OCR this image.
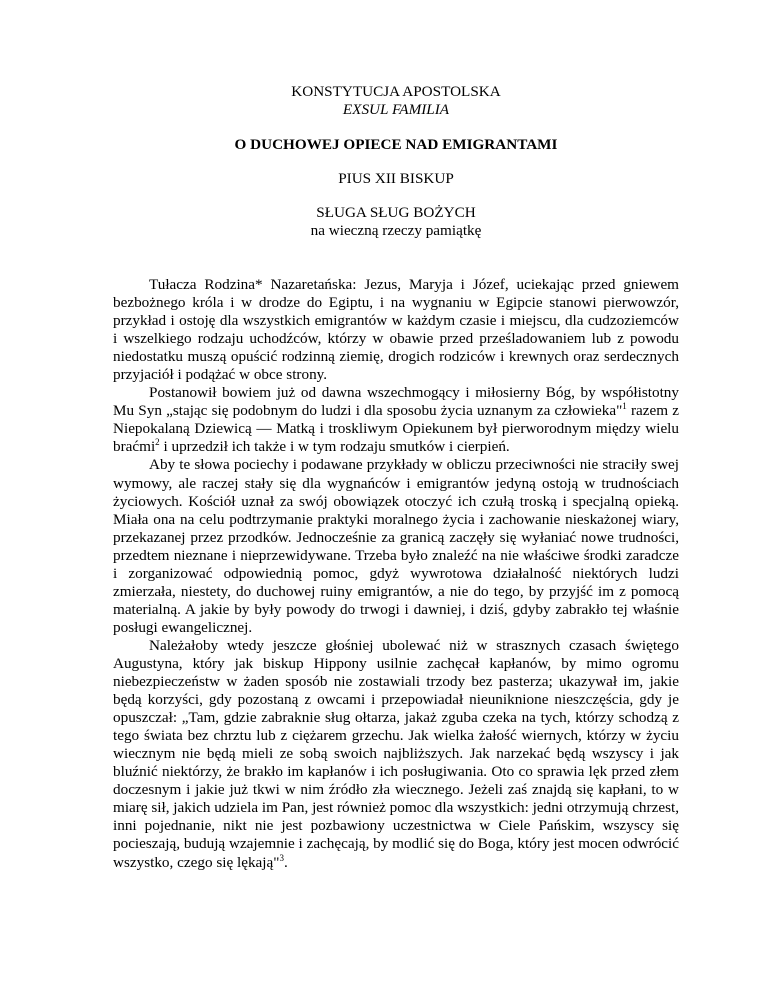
KONSTYTUCJA APOSTOLSKA

EXSUL FAMILIA

O DUCHOWEJ OPIECE NAD EMIGRANTAMI

PIUS XII BISKUP

SŁUGA SŁUG BOŻYCH

na wieczną rzeczy pamiątkę

Tułacza Rodzina* Nazaretańska: Jezus, Maryja i Józef, uciekając przed gniewem bezbożnego króla i w drodze do Egiptu, i na wygnaniu w Egipcie stanowi pierwowzór, przykład i ostoję dla wszystkich emigrantów w każdym czasie i miejscu, dla cudzoziemców i wszelkiego rodzaju uchodźców, którzy w obawie przed prześladowaniem lub z powodu niedostatku muszą opuścić rodzinną ziemię, drogich rodziców i krewnych oraz serdecznych przyjaciół i podążać w obce strony.

Postanowił bowiem już od dawna wszechmogący i miłosierny Bóg, by współistotny Mu Syn „stając się podobnym do ludzi i dla sposobu życia uznanym za człowieka"$^1$ razem z Niepokalaną Dziewicą — Matką i troskliwym Opiekunem był pierworodnym między wielu braćmi$^2$ i uprzedził ich także i w tym rodzaju smutków i cierpień.

Aby te słowa pociechy i podawane przykłady w obliczu przeciwności nie straciły swej wymowy, ale raczej stały się dla wygnańców i emigrantów jedyną ostoją w trudnościach życiowych. Kościół uznał za swój obowiązek otoczyć ich czułą troską i specjalną opieką. Miała ona na celu podtrzymanie praktyki moralnego życia i zachowanie nieskażonej wiary, przekazanej przez przodków. Jednocześnie za granicą zaczęły się wyłaniać nowe trudności, przedtem nieznane i nieprzewidywane. Trzeba było znaleźć na nie właściwe środki zaradcze i zorganizować odpowiednią pomoc, gdyż wywrotowa działalność niektórych ludzi zmierzała, niestety, do duchowej ruiny emigrantów, a nie do tego, by przyjść im z pomocą materialną. A jakie by były powody do trwogi i dawniej, i dziś, gdyby zabrakło tej właśnie posługi ewangelicznej.

Należałoby wtedy jeszcze głośniej ubolewać niż w strasznych czasach świętego Augustyna, który jak biskup Hippony usilnie zachęcał kapłanów, by mimo ogromu niebezpieczeństw w żaden sposób nie zostawiali trzody bez pasterza; ukazywał im, jakie będą korzyści, gdy pozostaną z owcami i przepowiadał nieuniknione nieszczęścia, gdy je opuszczał: „Tam, gdzie zabraknie sług ołtarza, jakaż zguba czeka na tych, którzy schodzą z tego świata bez chrztu lub z ciężarem grzechu. Jak wielka żałość wiernych, którzy w życiu wiecznym nie będą mieli ze sobą swoich najbliższych. Jak narzekać będą wszyscy i jak bluźnić niektórzy, że brakło im kapłanów i ich posługiwania. Oto co sprawia lęk przed złem doczesnym i jakie już tkwi w nim źródło zła wiecznego. Jeżeli zaś znajdą się kapłani, to w miarę sił, jakich udziela im Pan, jest również pomoc dla wszystkich: jedni otrzymują chrzest, inni pojednanie, nikt nie jest pozbawiony uczestnictwa w Ciele Pańskim, wszyscy się pocieszają, budują wzajemnie i zachęcają, by modlić się do Boga, który jest mocen odwrócić wszystko, czego się lękają"$^3$.
